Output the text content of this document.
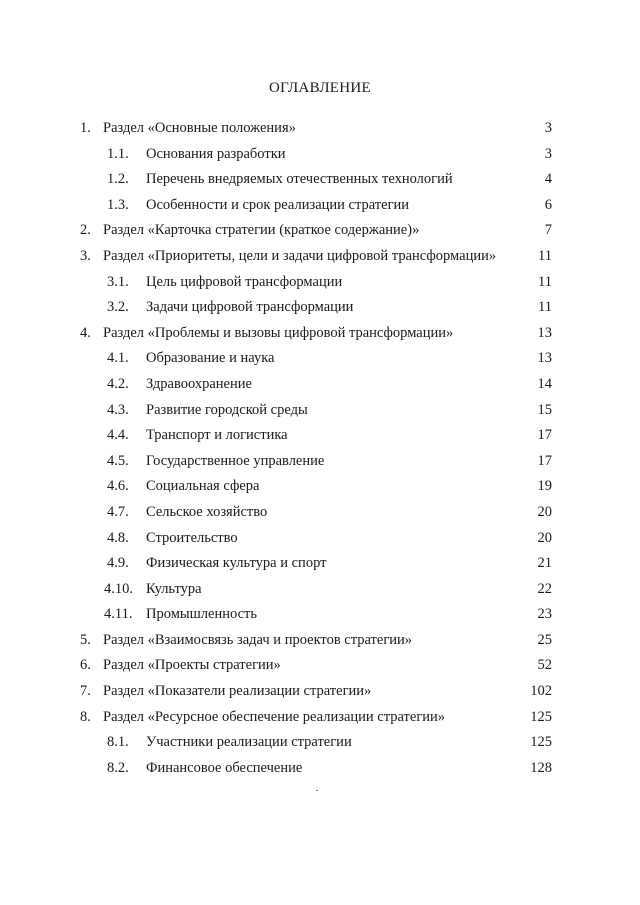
ОГЛАВЛЕНИЕ
1. Раздел «Основные положения»	3
1.1. Основания разработки	3
1.2. Перечень внедряемых отечественных технологий	4
1.3. Особенности и срок реализации стратегии	6
2. Раздел «Карточка стратегии (краткое содержание)»	7
3. Раздел «Приоритеты, цели и задачи цифровой трансформации»	11
3.1. Цель цифровой трансформации	11
3.2. Задачи цифровой трансформации	11
4. Раздел «Проблемы и вызовы цифровой трансформации»	13
4.1. Образование и наука	13
4.2. Здравоохранение	14
4.3. Развитие городской среды	15
4.4. Транспорт и логистика	17
4.5. Государственное управление	17
4.6. Социальная сфера	19
4.7. Сельское хозяйство	20
4.8. Строительство	20
4.9. Физическая культура и спорт	21
4.10. Культура	22
4.11. Промышленность	23
5. Раздел «Взаимосвязь задач и проектов стратегии»	25
6. Раздел «Проекты стратегии»	52
7. Раздел «Показатели реализации стратегии»	102
8. Раздел «Ресурсное обеспечение реализации стратегии»	125
8.1. Участники реализации стратегии	125
8.2. Финансовое обеспечение	128
